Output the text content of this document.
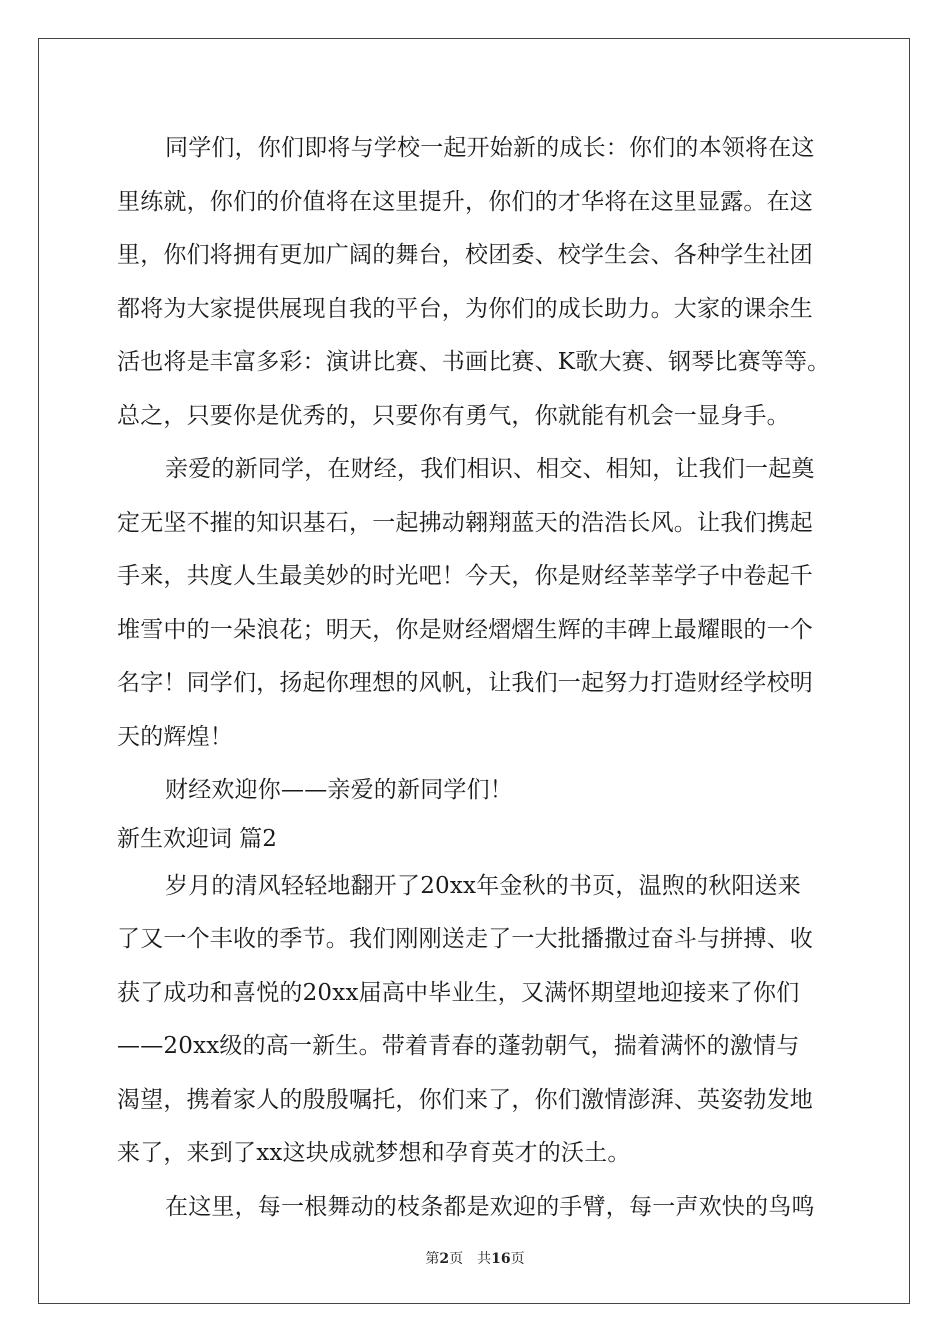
同学们，你们即将与学校一起开始新的成长：你们的本领将在这
里练就，你们的价值将在这里提升，你们的才华将在这里显露。在这
里，你们将拥有更加广阔的舞台，校团委、校学生会、各种学生社团
都将为大家提供展现自我的平台，为你们的成长助力。大家的课余生
活也将是丰富多彩：演讲比赛、书画比赛、K歌大赛、钢琴比赛等等。
总之，只要你是优秀的，只要你有勇气，你就能有机会一显身手。
亲爱的新同学，在财经，我们相识、相交、相知，让我们一起奠
定无坚不摧的知识基石，一起拂动翱翔蓝天的浩浩长风。让我们携起
手来，共度人生最美妙的时光吧！今天，你是财经莘莘学子中卷起千
堆雪中的一朵浪花；明天，你是财经熠熠生辉的丰碑上最耀眼的一个
名字！同学们，扬起你理想的风帆，让我们一起努力打造财经学校明
天的辉煌！
财经欢迎你——亲爱的新同学们！
新生欢迎词 篇2
岁月的清风轻轻地翻开了20xx年金秋的书页，温煦的秋阳送来
了又一个丰收的季节。我们刚刚送走了一大批播撒过奋斗与拼搏、收
获了成功和喜悦的20xx届高中毕业生，又满怀期望地迎接来了你们
——20xx级的高一新生。带着青春的蓬勃朝气，揣着满怀的激情与
渴望，携着家人的殷殷嘱托，你们来了，你们激情澎湃、英姿勃发地
来了，来到了xx这块成就梦想和孕育英才的沃土。
在这里，每一根舞动的枝条都是欢迎的手臂，每一声欢快的鸟鸣
第2页　共16页
